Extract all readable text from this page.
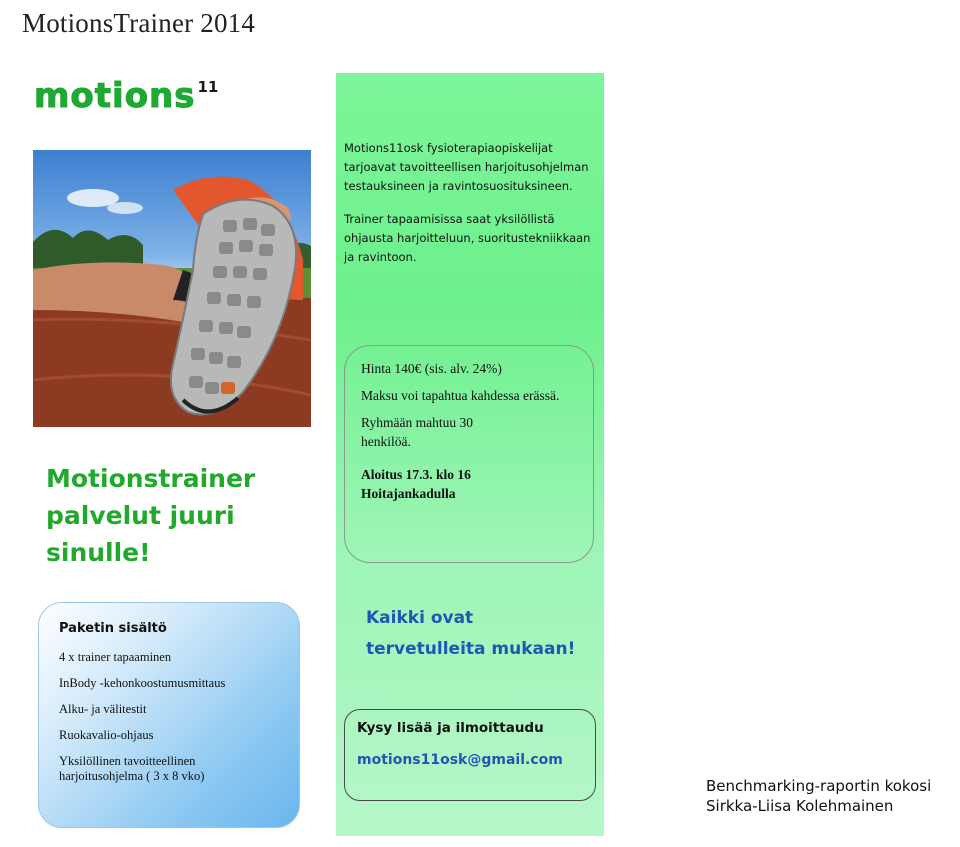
MotionsTrainer 2014
motions 11
Motionstrainer
palvelut juuri
sinulle!
Paketin sisältö
4 x trainer tapaaminen
InBody -kehonkoostumusmittaus
Alku- ja välitestit
Ruokavalio-ohjaus
Yksilöllinen tavoitteellinen harjoitusohjelma ( 3 x 8 vko)

Motions11osk fysioterapiaopiskelijat tarjoavat tavoitteellisen harjoitusohjelman testauksineen ja ravintosuosituksineen.

Trainer tapaamisissa saat yksilöllistä ohjausta harjoitteluun, suoritustekniikkaan ja ravintoon.

Hinta 140€ (sis. alv. 24%)

Maksu voi tapahtua kahdessa erässä.

Ryhmään mahtuu 30 henkilöä.

Aloitus 17.3. klo 16

Hoitajankadulla

Kaikki ovat tervetulleita mukaan!
Kysy lisää ja ilmoittaudu
motions11osk@gmail.com
Benchmarking-raportin kokosi
Sirkka-Liisa Kolehmainen
